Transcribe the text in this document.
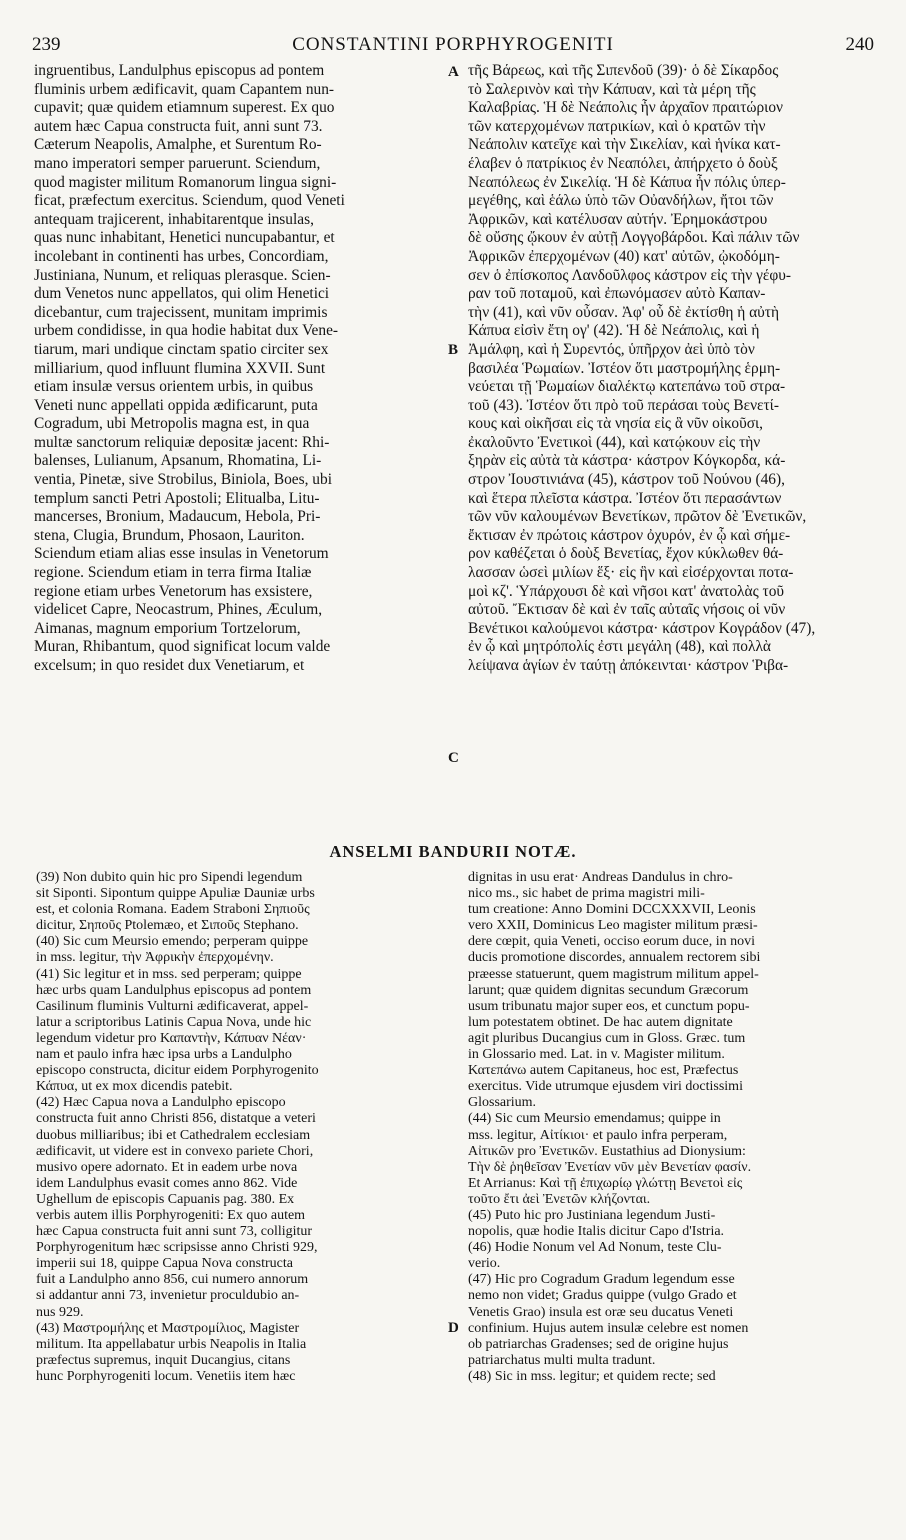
239	CONSTANTINI PORPHYROGENITI	240
ingruentibus, Landulphus episcopus ad pontem
fluminis urbem ædificavit, quam Capantem nun-
cupavit; quæ quidem etiamnum superest. Ex quo
autem hæc Capua constructa fuit, anni sunt 73.
Cæterum Neapolis, Amalphe, et Surentum Ro-
mano imperatori semper paruerunt. Sciendum,
quod magister militum Romanorum lingua signi-
ficat, præfectum exercitus. Sciendum, quod Veneti
antequam trajicerent, inhabitarentque insulas,
quas nunc inhabitant, Henetici nuncupabantur, et
incolebant in continenti has urbes, Concordiam,
Justiniana, Nunum, et reliquas plerasque. Scien-
dum Venetos nunc appellatos, qui olim Henetici
dicebantur, cum trajecissent, munitam imprimis
urbem condidisse, in qua hodie habitat dux Vene-
tiarum, mari undique cinctam spatio circiter sex
milliarium, quod influunt flumina XXVII. Sunt
etiam insulæ versus orientem urbis, in quibus
Veneti nunc appellati oppida ædificarunt, puta
Cogradum, ubi Metropolis magna est, in qua
multæ sanctorum reliquiæ depositæ jacent: Rhi-
balenses, Lulianum, Apsanum, Rhomatina, Li-
ventia, Pinetæ, sive Strobilus, Biniola, Boes, ubi
templum sancti Petri Apostoli; Elitualba, Litu-
mancerses, Bronium, Madaucum, Hebola, Pri-
stena, Clugia, Brundum, Phosaon, Lauriton.
Sciendum etiam alias esse insulas in Venetorum
regione. Sciendum etiam in terra firma Italiæ
regione etiam urbes Venetorum has exsistere,
videlicet Capre, Neocastrum, Phines, Æculum,
Aimanas, magnum emporium Tortzelorum,
Muran, Rhibantum, quod significat locum valde
excelsum; in quo residet dux Venetiarum, et
τῆς Βάρεως, καὶ τῆς Σιπενδοῦ (39)· ὁ δὲ Σίκαρδος
τὸ Σαλερινὸν καὶ τὴν Κάπυαν, καὶ τὰ μέρη τῆς
Καλαβρίας. Ἡ δὲ Νεάπολις ἦν ἀρχαῖον πραιτώριον
τῶν κατερχομένων πατρικίων, καὶ ὁ κρατῶν τὴν
Νεάπολιν κατεῖχε καὶ τὴν Σικελίαν, καὶ ἡνίκα κατ-
έλαβεν ὁ πατρίκιος ἐν Νεαπόλει, ἀπήρχετο ὁ δοὺξ
Νεαπόλεως ἐν Σικελίᾳ. Ἡ δὲ Κάπυα ἦν πόλις ὑπερ-
μεγέθης, καὶ ἑάλω ὑπὸ τῶν Οὐανδήλων, ἤτοι τῶν
Ἀφρικῶν, καὶ κατέλυσαν αὐτήν. Ἐρημοκάστρου
δὲ οὔσης ᾤκουν ἐν αὐτῇ Λογγοβάρδοι. Καὶ πάλιν τῶν
Ἀφρικῶν ἐπερχομένων (40) κατ' αὐτῶν, ᾠκοδόμη-
σεν ὁ ἐπίσκοπος Λανδοῦλφος κάστρον εἰς τὴν γέφυ-
ραν τοῦ ποταμοῦ, καὶ ἐπωνόμασεν αὐτὸ Καπαν-
τὴν (41), καὶ νῦν οὖσαν. Ἀφ' οὗ δὲ ἐκτίσθη ἡ αὐτὴ
Κάπυα εἰσὶν ἔτη ογ' (42). Ἡ δὲ Νεάπολις, καὶ ἡ
Ἀμάλφη, καὶ ἡ Συρεντός, ὑπῆρχον ἀεὶ ὑπὸ τὸν
βασιλέα Ῥωμαίων. Ἰστέον ὅτι μαστρομήλης ἑρμη-
νεύεται τῇ Ῥωμαίων διαλέκτῳ κατεπάνω τοῦ στρα-
τοῦ (43). Ἰστέον ὅτι πρὸ τοῦ περάσαι τοὺς Βενετί-
κους καὶ οἰκῆσαι εἰς τὰ νησία εἰς ἃ νῦν οἰκοῦσι,
ἐκαλοῦντο Ἐνετικοὶ (44), καὶ κατῴκουν εἰς τὴν
ξηρὰν εἰς αὐτὰ τὰ κάστρα· κάστρον Κόγκορδα, κά-
στρον Ἰουστινιάνα (45), κάστρον τοῦ Νούνου (46),
καὶ ἕτερα πλεῖστα κάστρα. Ἰστέον ὅτι περασάντων
τῶν νῦν καλουμένων Βενετίκων, πρῶτον δὲ Ἐνετικῶν,
ἔκτισαν ἐν πρώτοις κάστρον ὀχυρόν, ἐν ᾧ καὶ σήμε-
ρον καθέζεται ὁ δοὺξ Βενετίας, ἔχον κύκλωθεν θά-
λασσαν ὡσεὶ μιλίων ἕξ· εἰς ἣν καὶ εἰσέρχονται ποτα-
μοὶ κζ'. Ὑπάρχουσι δὲ καὶ νῆσοι κατ' ἀνατολὰς τοῦ
αὐτοῦ. Ἔκτισαν δὲ καὶ ἐν ταῖς αὐταῖς νήσοις οἱ νῦν
Βενέτικοι καλούμενοι κάστρα· κάστρον Κογράδον (47),
ἐν ᾧ καὶ μητρόπολίς ἐστι μεγάλη (48), καὶ πολλὰ
λείψανα ἁγίων ἐν ταύτῃ ἀπόκεινται· κάστρον Ῥιβα-
A
B
C
D
ANSELMI BANDURII NOTÆ.
(39) Non dubito quin hic pro Sipendi legendum
sit Siponti. Sipontum quippe Apuliæ Dauniæ urbs
est, et colonia Romana. Eadem Straboni Σηπιοῦς
dicitur, Σηποῦς Ptolemæo, et Σιποῦς Stephano.
(40) Sic cum Meursio emendo; perperam quippe
in mss. legitur, τὴν Ἀφρικὴν ἐπερχομένην.
(41) Sic legitur et in mss. sed perperam; quippe
hæc urbs quam Landulphus episcopus ad pontem
Casilinum fluminis Vulturni ædificaverat, appel-
latur a scriptoribus Latinis Capua Nova, unde hic
legendum videtur pro Καπαντὴν, Κάπυαν Νέαν·
nam et paulo infra hæc ipsa urbs a Landulpho
episcopo constructa, dicitur eidem Porphyrogenito
Κάπυα, ut ex mox dicendis patebit.
(42) Hæc Capua nova a Landulpho episcopo
constructa fuit anno Christi 856, distatque a veteri
duobus milliaribus; ibi et Cathedralem ecclesiam
ædificavit, ut videre est in convexo pariete Chori,
musivo opere adornato. Et in eadem urbe nova
idem Landulphus evasit comes anno 862. Vide
Ughellum de episcopis Capuanis pag. 380. Ex
verbis autem illis Porphyrogeniti: Ex quo autem
hæc Capua constructa fuit anni sunt 73, colligitur
Porphyrogenitum hæc scripsisse anno Christi 929,
imperii sui 18, quippe Capua Nova constructa
fuit a Landulpho anno 856, cui numero annorum
si addantur anni 73, invenietur proculdubio an-
nus 929.
(43) Μαστρομήλης et Μαστρομίλιος, Magister
militum. Ita appellabatur urbis Neapolis in Italia
præfectus supremus, inquit Ducangius, citans
hunc Porphyrogeniti locum. Venetiis item hæc
dignitas in usu erat· Andreas Dandulus in chro-
nico ms., sic habet de prima magistri mili-
tum creatione: Anno Domini DCCXXXVII, Leonis
vero XXII, Dominicus Leo magister militum præsi-
dere cœpit, quia Veneti, occiso eorum duce, in novi
ducis promotione discordes, annualem rectorem sibi
præesse statuerunt, quem magistrum militum appel-
larunt; quæ quidem dignitas secundum Græcorum
usum tribunatu major super eos, et cunctum popu-
lum potestatem obtinet. De hac autem dignitate
agit pluribus Ducangius cum in Gloss. Græc. tum
in Glossario med. Lat. in v. Magister militum.
Κατεπάνω autem Capitaneus, hoc est, Præfectus
exercitus. Vide utrumque ejusdem viri doctissimi
Glossarium.
(44) Sic cum Meursio emendamus; quippe in
mss. legitur, Αἰτίκιοι· et paulo infra perperam,
Αἰτικῶν pro Ἐνετικῶν. Eustathius ad Dionysium:
Τὴν δὲ ῥηθεῖσαν Ἐνετίαν νῦν μὲν Βενετίαν φασίν.
Et Arrianus: Καὶ τῇ ἐπιχωρίῳ γλώττῃ Βενετοὶ εἰς
τοῦτο ἔτι ἀεὶ Ἐνετῶν κλήζονται.
(45) Puto hic pro Justiniana legendum Justi-
nopolis, quæ hodie Italis dicitur Capo d'Istria.
(46) Hodie Nonum vel Ad Nonum, teste Clu-
verio.
(47) Hic pro Cogradum Gradum legendum esse
nemo non videt; Gradus quippe (vulgo Grado et
Venetis Grao) insula est oræ seu ducatus Veneti
confinium. Hujus autem insulæ celebre est nomen
ob patriarchas Gradenses; sed de origine hujus
patriarchatus multi multa tradunt.
(48) Sic in mss. legitur; et quidem recte; sed
